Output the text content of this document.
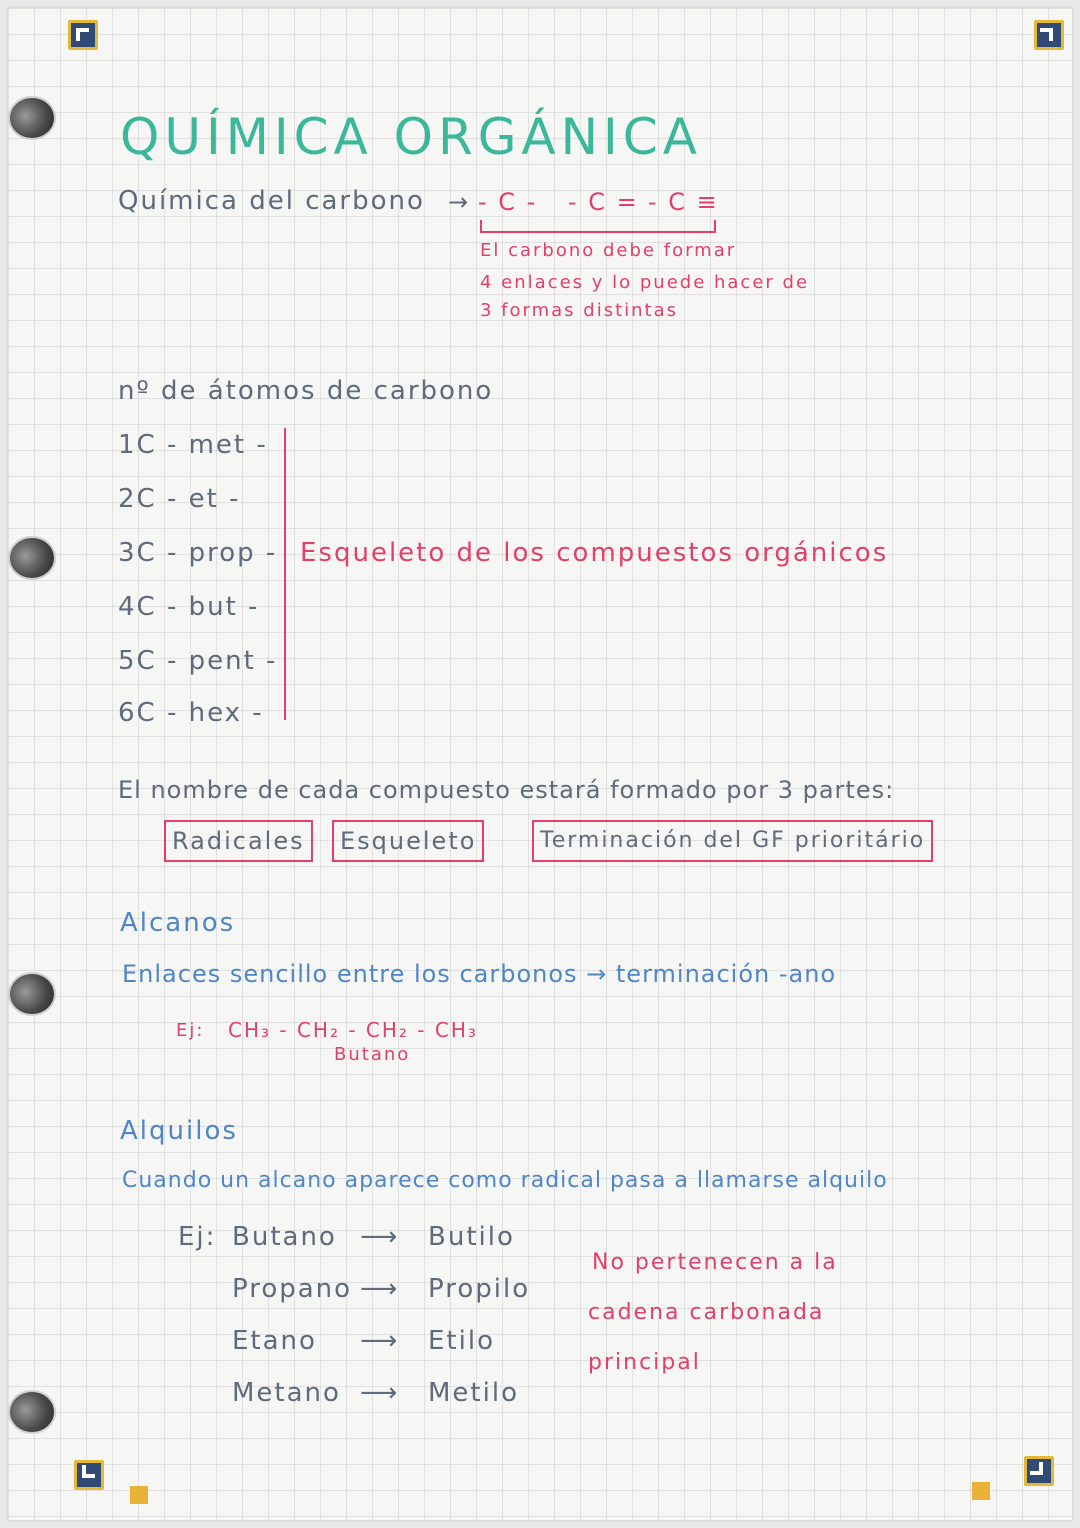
QUÍMICA ORGÁNICA
Química del carbono → - C - - C = - C ≡
El carbono debe formar
4 enlaces y lo puede hacer de
3 formas distintas
nº de átomos de carbono
1C - met -
2C - et -
3C - prop -
4C - but -
5C - pent -
6C - hex -
Esqueleto de los compuestos orgánicos
El nombre de cada compuesto estará formado por 3 partes:
Radicales	Esqueleto	Terminación del GF prioritário
Alcanos
Enlaces sencillo entre los carbonos → terminación -ano
Ej: CH₃ - CH₂ - CH₂ - CH₃
Butano
Alquilos
Cuando un alcano aparece como radical pasa a llamarse alquilo
Ej: Butano ⟶ Butilo
Propano ⟶ Propilo
Etano ⟶ Etilo
Metano ⟶ Metilo
No pertenecen a la
cadena carbonada
principal
